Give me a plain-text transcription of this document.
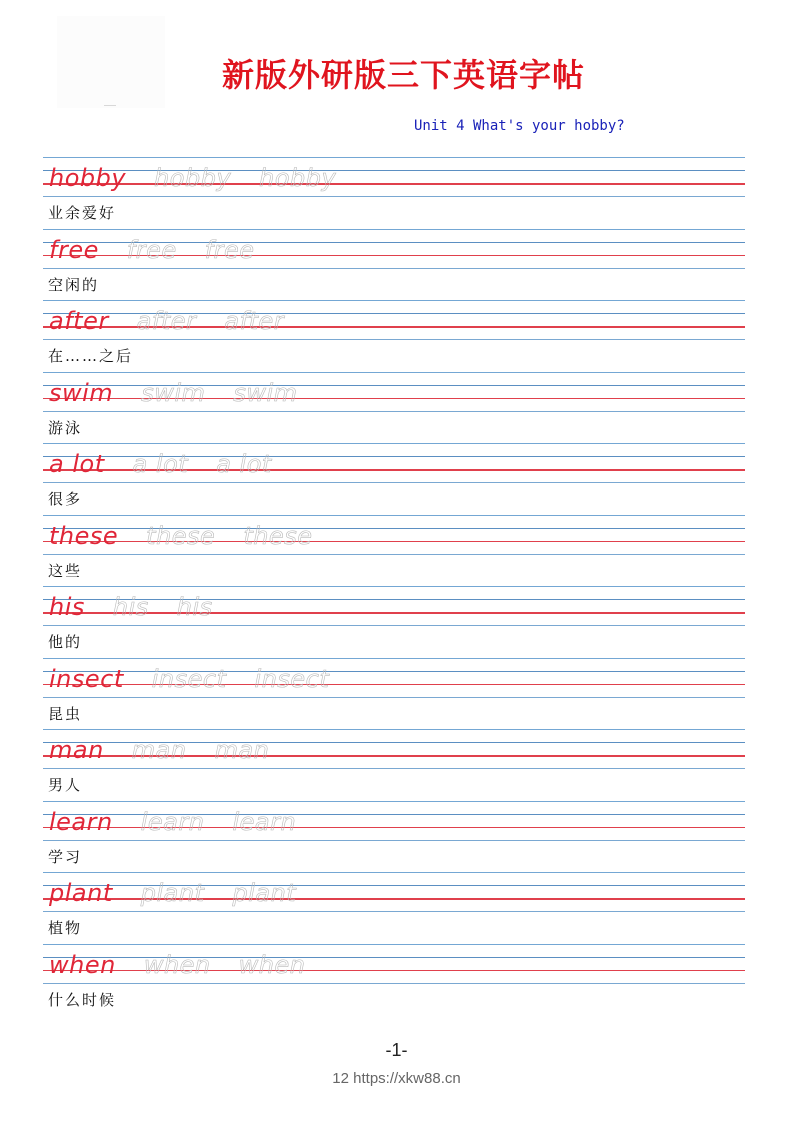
新版外研版三下英语字帖
Unit 4 What's your hobby?
hobby hobby hobby
业余爱好
free free free
空闲的
after after after
在……之后
swim swim swim
游泳
a lot a lot a lot
很多
these these these
这些
his his his
他的
insect insect insect
昆虫
man man man
男人
learn learn learn
学习
plant plant plant
植物
when when when
什么时候
-1-
12 https://xkw88.cn
